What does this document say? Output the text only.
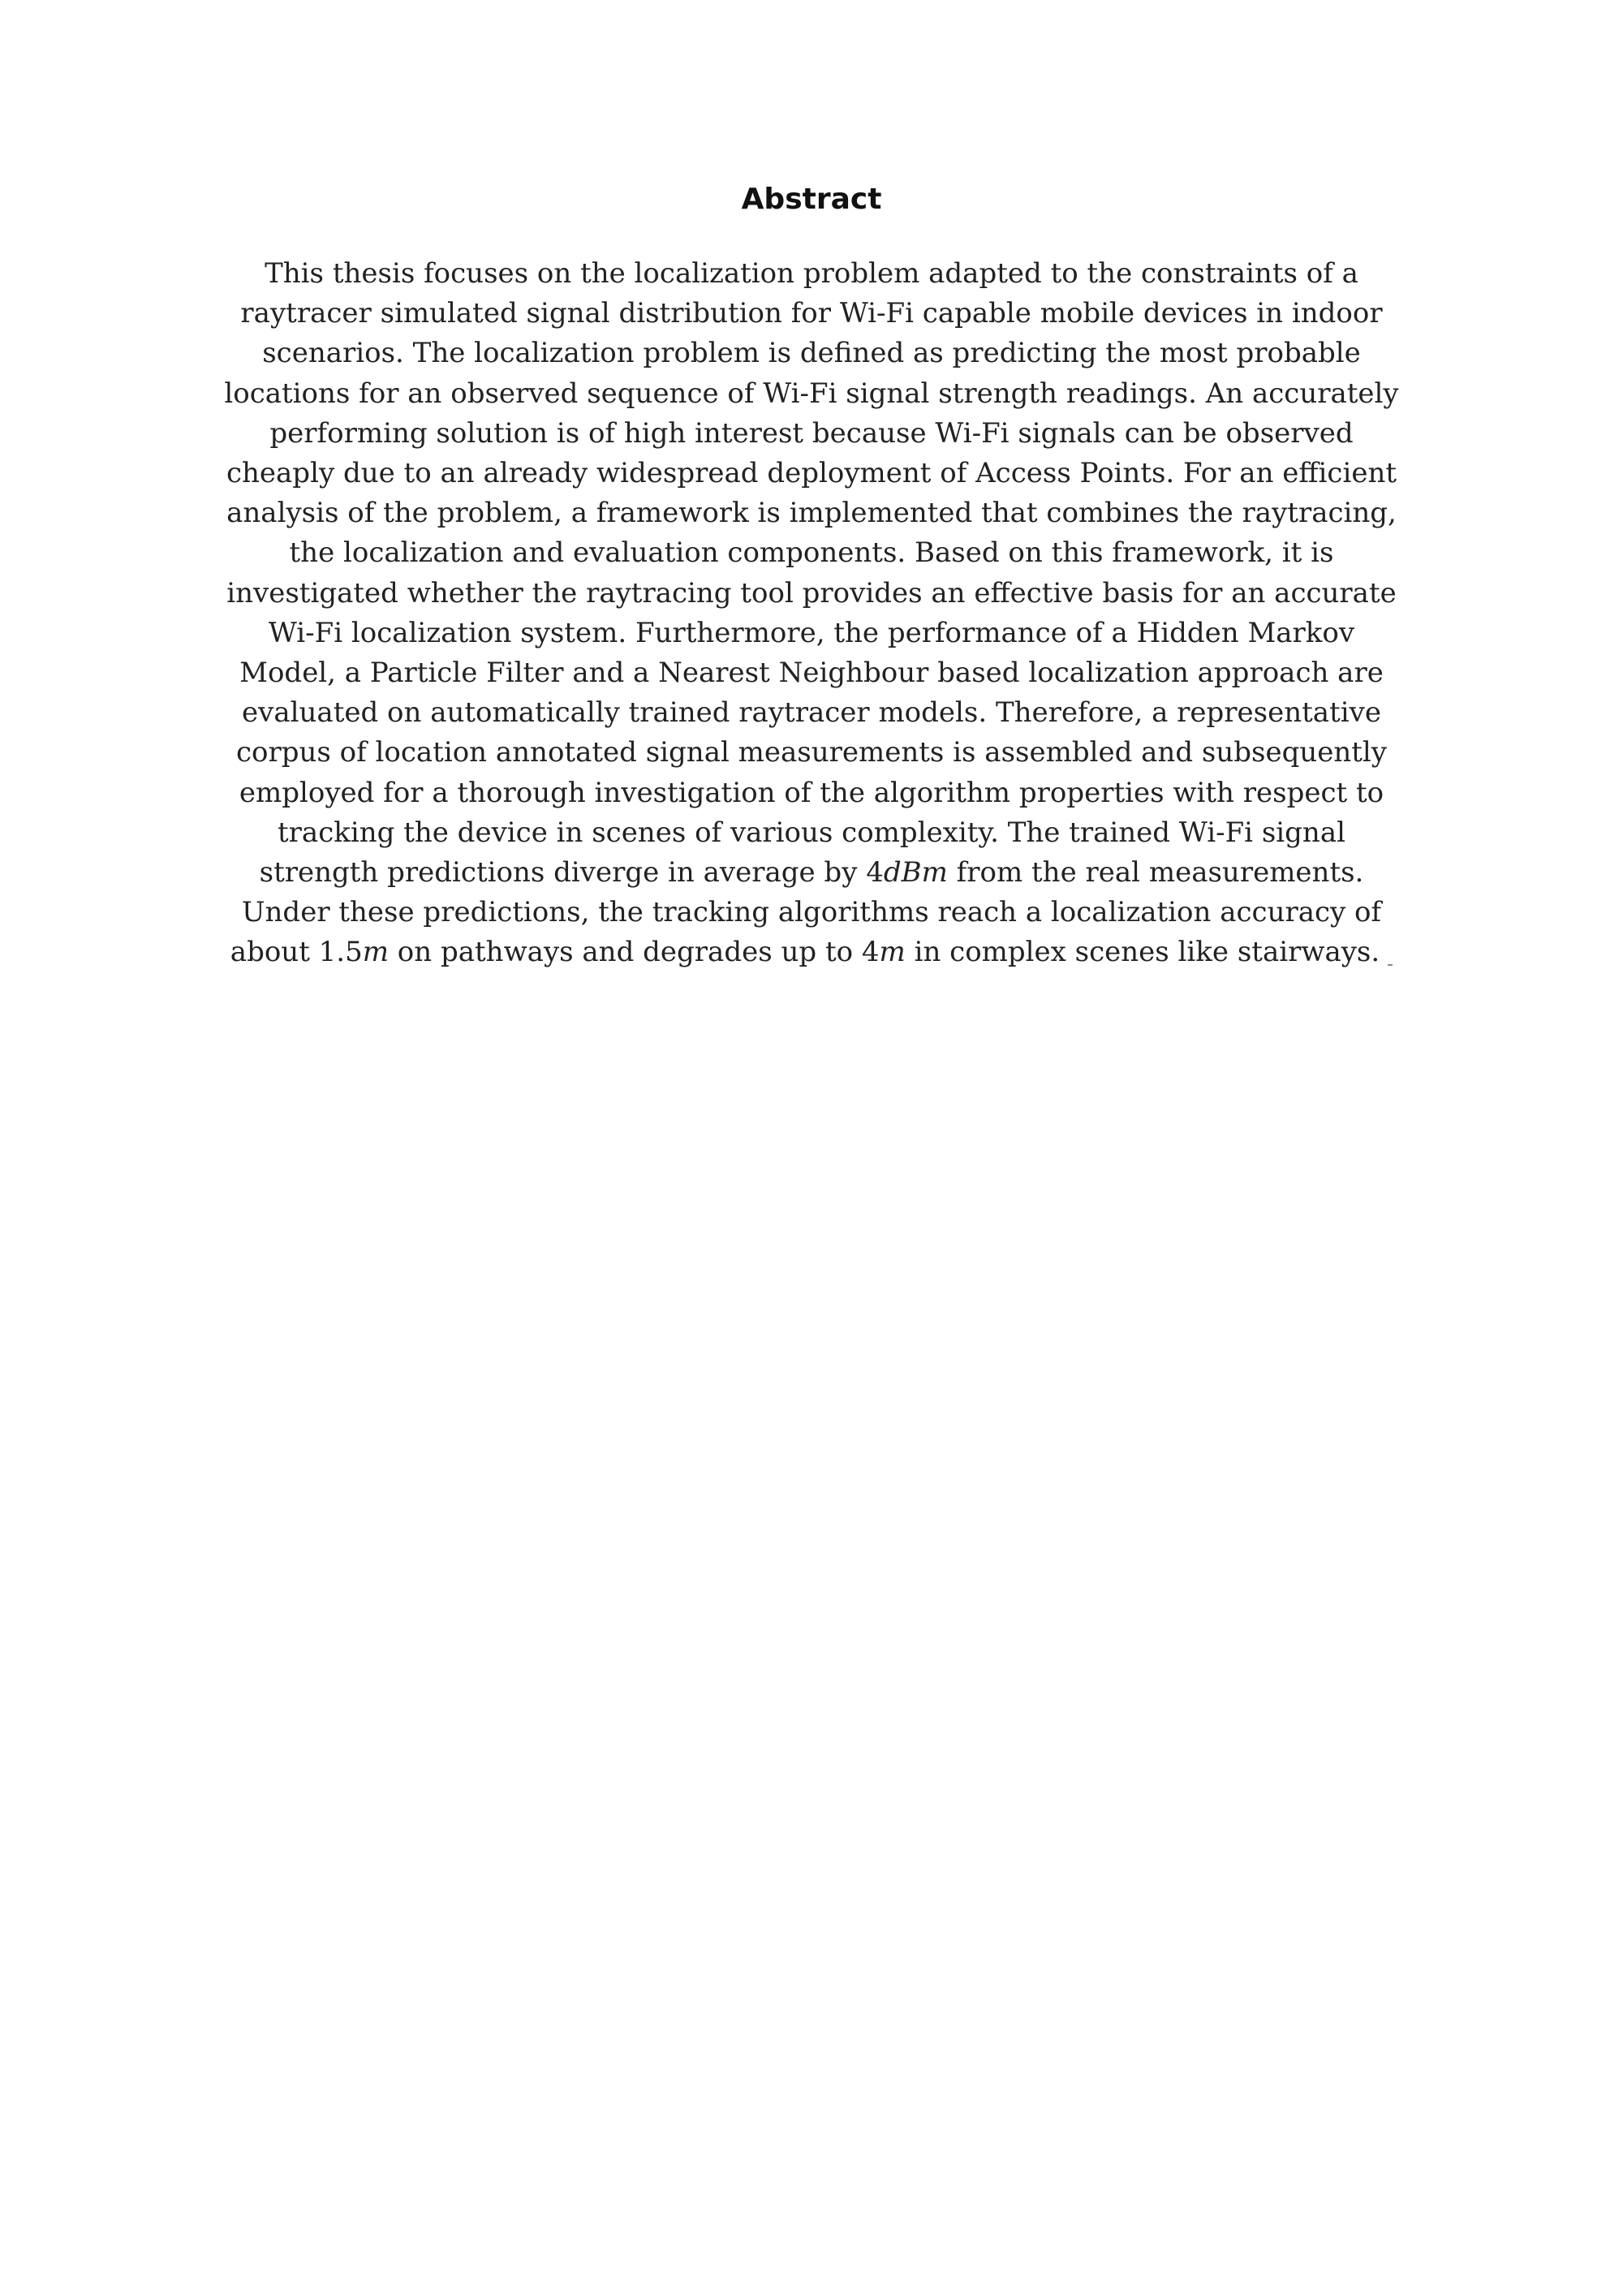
Abstract
This thesis focuses on the localization problem adapted to the constraints of a
raytracer simulated signal distribution for Wi-Fi capable mobile devices in indoor
scenarios. The localization problem is defined as predicting the most probable
locations for an observed sequence of Wi-Fi signal strength readings. An accurately
performing solution is of high interest because Wi-Fi signals can be observed
cheaply due to an already widespread deployment of Access Points. For an efficient
analysis of the problem, a framework is implemented that combines the raytracing,
the localization and evaluation components. Based on this framework, it is
investigated whether the raytracing tool provides an effective basis for an accurate
Wi-Fi localization system. Furthermore, the performance of a Hidden Markov
Model, a Particle Filter and a Nearest Neighbour based localization approach are
evaluated on automatically trained raytracer models. Therefore, a representative
corpus of location annotated signal measurements is assembled and subsequently
employed for a thorough investigation of the algorithm properties with respect to
tracking the device in scenes of various complexity. The trained Wi-Fi signal
strength predictions diverge in average by 4dBm from the real measurements.
Under these predictions, the tracking algorithms reach a localization accuracy of
about 1.5m on pathways and degrades up to 4m in complex scenes like stairways.
